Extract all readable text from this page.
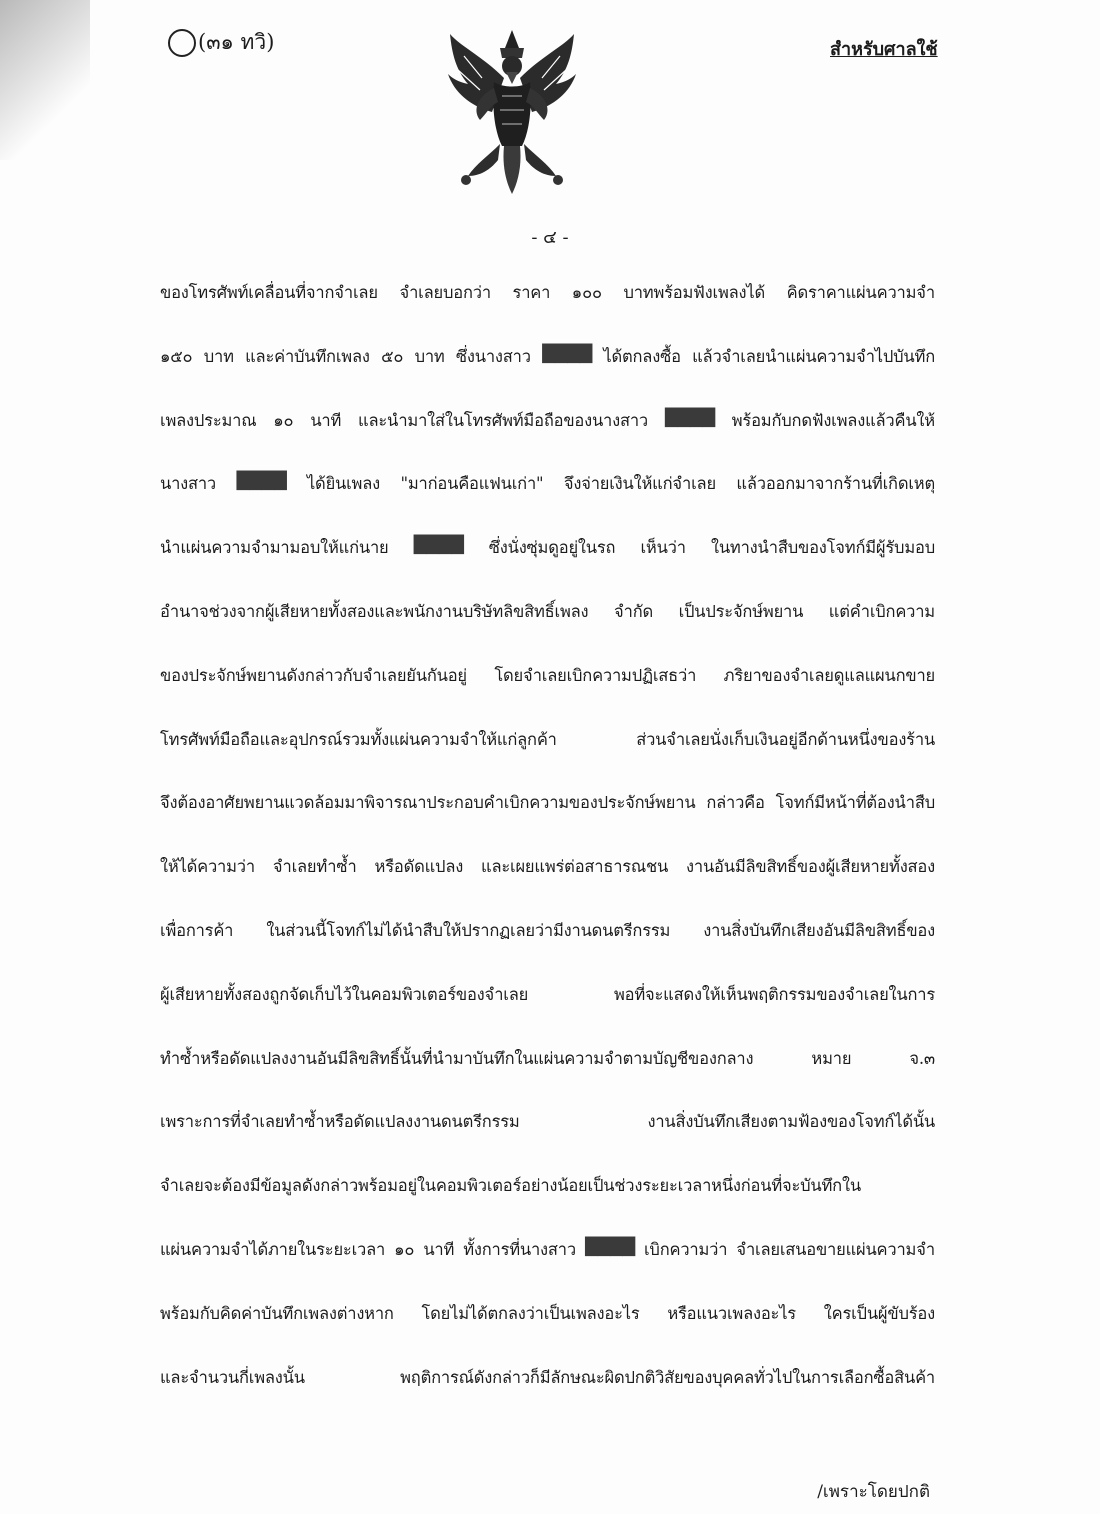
(๓๑ ทวิ)	สำหรับศาลใช้
- ๔ -
ของโทรศัพท์เคลื่อนที่จากจำเลย จำเลยบอกว่า ราคา ๑๐๐ บาทพร้อมฟังเพลงได้ คิดราคาแผ่นความจำ
๑๕๐ บาท และค่าบันทึกเพลง ๕๐ บาท ซึ่งนางสาว ████ ได้ตกลงซื้อ แล้วจำเลยนำแผ่นความจำไปบันทึก
เพลงประมาณ ๑๐ นาที และนำมาใส่ในโทรศัพท์มือถือของนางสาว ████ พร้อมกับกดฟังเพลงแล้วคืนให้
นางสาว ████ ได้ยินเพลง "มาก่อนคือแฟนเก่า" จึงจ่ายเงินให้แก่จำเลย แล้วออกมาจากร้านที่เกิดเหตุ
นำแผ่นความจำมามอบให้แก่นาย ████ ซึ่งนั่งซุ่มดูอยู่ในรถ เห็นว่า ในทางนำสืบของโจทก์มีผู้รับมอบ
อำนาจช่วงจากผู้เสียหายทั้งสองและพนักงานบริษัทลิขสิทธิ์เพลง จำกัด เป็นประจักษ์พยาน แต่คำเบิกความ
ของประจักษ์พยานดังกล่าวกับจำเลยยันกันอยู่ โดยจำเลยเบิกความปฏิเสธว่า ภริยาของจำเลยดูแลแผนกขาย
โทรศัพท์มือถือและอุปกรณ์รวมทั้งแผ่นความจำให้แก่ลูกค้า	ส่วนจำเลยนั่งเก็บเงินอยู่อีกด้านหนึ่งของร้าน
จึงต้องอาศัยพยานแวดล้อมมาพิจารณาประกอบคำเบิกความของประจักษ์พยาน กล่าวคือ โจทก์มีหน้าที่ต้องนำสืบ
ให้ได้ความว่า จำเลยทำซ้ำ หรือดัดแปลง และเผยแพร่ต่อสาธารณชน งานอันมีลิขสิทธิ์ของผู้เสียหายทั้งสอง
เพื่อการค้า ในส่วนนี้โจทก์ไม่ได้นำสืบให้ปรากฏเลยว่ามีงานดนตรีกรรม งานสิ่งบันทึกเสียงอันมีลิขสิทธิ์ของ
ผู้เสียหายทั้งสองถูกจัดเก็บไว้ในคอมพิวเตอร์ของจำเลย	พอที่จะแสดงให้เห็นพฤติกรรมของจำเลยในการ
ทำซ้ำหรือดัดแปลงงานอันมีลิขสิทธิ์นั้นที่นำมาบันทึกในแผ่นความจำตามบัญชีของกลาง	หมาย	จ.๓
เพราะการที่จำเลยทำซ้ำหรือดัดแปลงงานดนตรีกรรม	งานสิ่งบันทึกเสียงตามฟ้องของโจทก์ได้นั้น
จำเลยจะต้องมีข้อมูลดังกล่าวพร้อมอยู่ในคอมพิวเตอร์อย่างน้อยเป็นช่วงระยะเวลาหนึ่งก่อนที่จะบันทึกใน
แผ่นความจำได้ภายในระยะเวลา ๑๐ นาที ทั้งการที่นางสาว ████ เบิกความว่า จำเลยเสนอขายแผ่นความจำ
พร้อมกับคิดค่าบันทึกเพลงต่างหาก โดยไม่ได้ตกลงว่าเป็นเพลงอะไร หรือแนวเพลงอะไร ใครเป็นผู้ขับร้อง
และจำนวนกี่เพลงนั้น	พฤติการณ์ดังกล่าวก็มีลักษณะผิดปกติวิสัยของบุคคลทั่วไปในการเลือกซื้อสินค้า
/เพราะโดยปกติ
